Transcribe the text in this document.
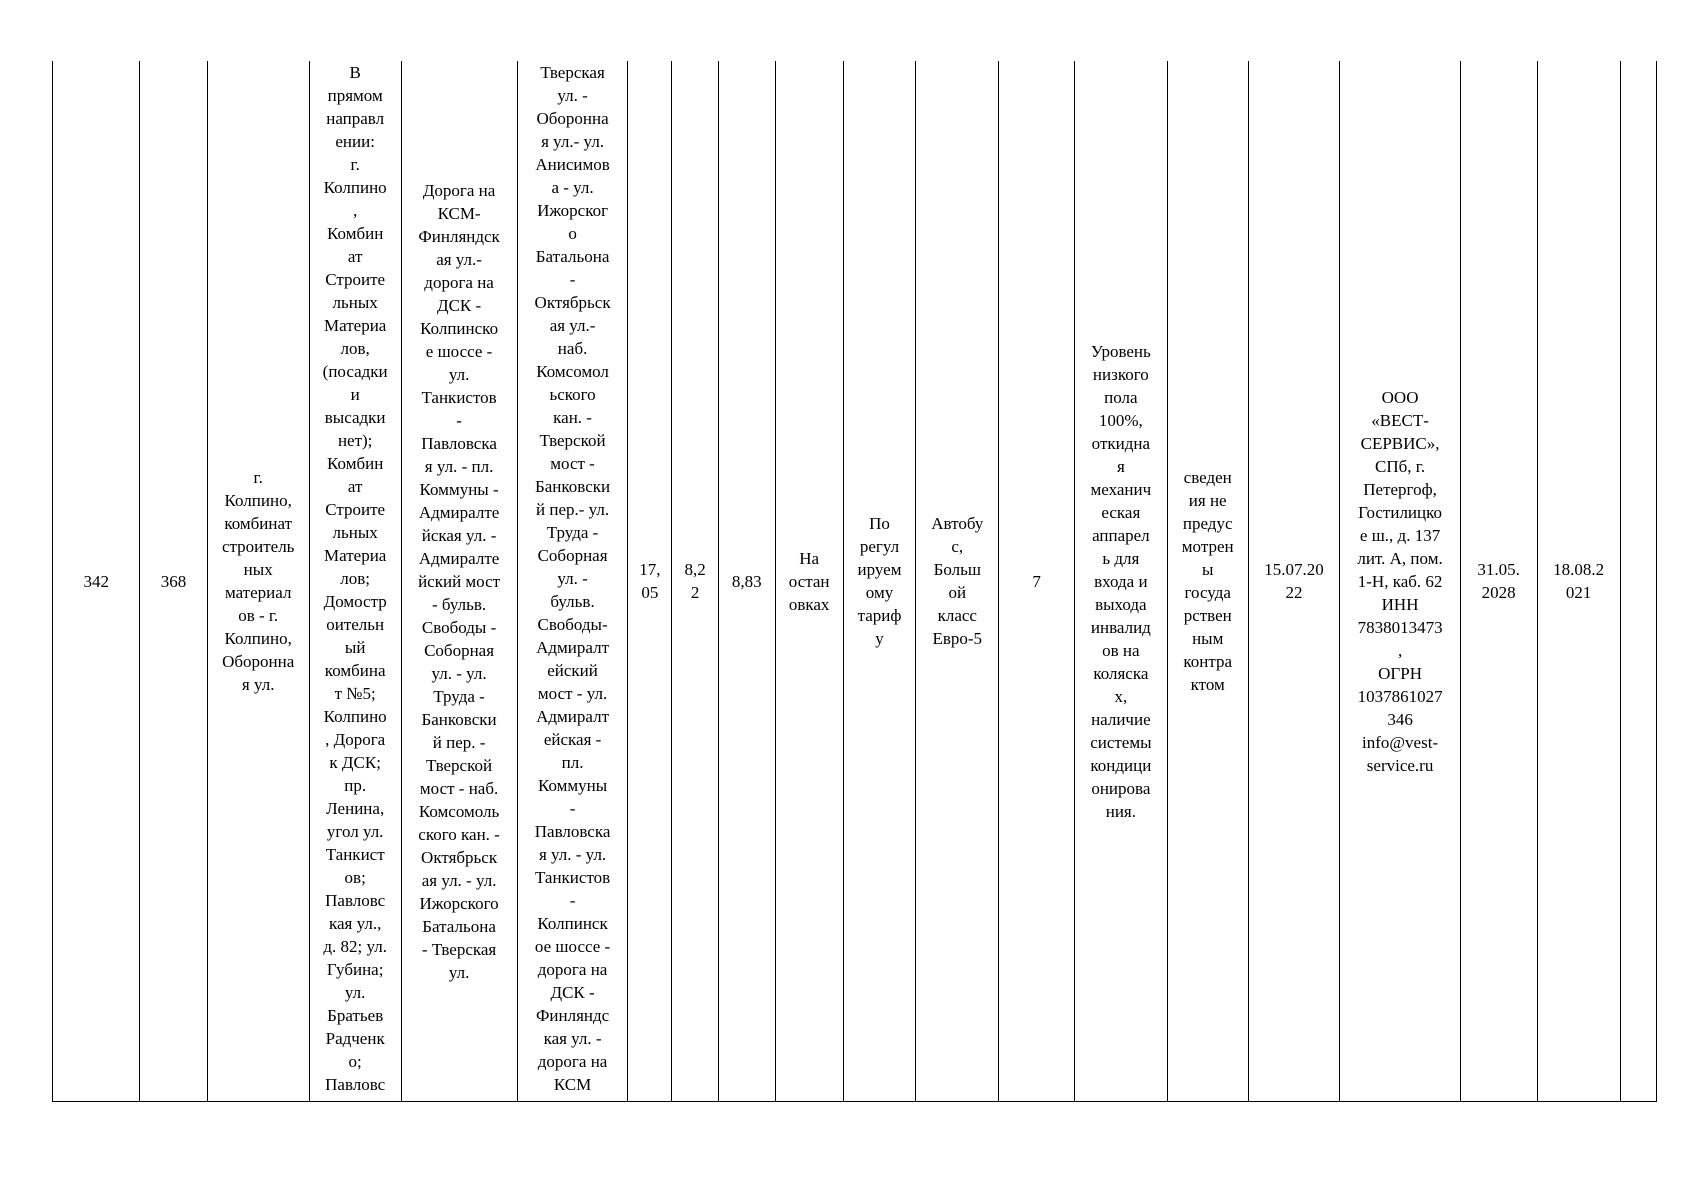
342	368	г.
Колпино,
комбинат
строитель
ных
материал
ов - г.
Колпино,
Оборонна
я ул.	В
прямом
направл
ении:
г.
Колпино
,
Комбин
ат
Строите
льных
Материа
лов,
(посадки
и
высадки
нет);
Комбин
ат
Строите
льных
Материа
лов;
Домостр
оительн
ый
комбина
т №5;
Колпино
, Дорога
к ДСК;
пр.
Ленина,
угол ул.
Танкист
ов;
Павловс
кая ул.,
д. 82; ул.
Губина;
ул.
Братьев
Радченк
о;
Павловс	Дорога на
КСМ-
Финляндск
ая ул.-
дорога на
ДСК -
Колпинско
е шоссе -
ул.
Танкистов
-
Павловска
я ул. - пл.
Коммуны -
Адмиралте
йская ул. -
Адмиралте
йский мост
- бульв.
Свободы -
Соборная
ул. - ул.
Труда -
Банковски
й пер. -
Тверской
мост - наб.
Комсомоль
ского кан. -
Октябрьск
ая ул. - ул.
Ижорского
Батальона
- Тверская
ул.	Тверская
ул. -
Оборонна
я ул.- ул.
Анисимов
а - ул.
Ижорског
о
Батальона
-
Октябрьск
ая ул.-
наб.
Комсомол
ьского
кан. -
Тверской
мост -
Банковски
й пер.- ул.
Труда -
Соборная
ул. -
бульв.
Свободы-
Адмиралт
ейский
мост - ул.
Адмиралт
ейская -
пл.
Коммуны
-
Павловска
я ул. - ул.
Танкистов
-
Колпинск
ое шоссе -
дорога на
ДСК -
Финляндс
кая ул. -
дорога на
КСМ	17,
05	8,2
2	8,83	На
остан
овках	По
регул
ируем
ому
тариф
у	Автобу
с,
Больш
ой
класс
Евро-5	7	Уровень
низкого
пола
100%,
откидна
я
механич
еская
аппарел
ь для
входа и
выхода
инвалид
ов на
коляска
х,
наличие
системы
кондици
онирова
ния.	сведен
ия не
предус
мотрен
ы
госуда
рствен
ным
контра
ктом	15.07.20
22	ООО
«ВЕСТ-
СЕРВИС»,
СПб, г.
Петергоф,
Гостилицко
е ш., д. 137
лит. А, пом.
1-Н, каб. 62
ИНН
7838013473
,
ОГРН
1037861027
346
info@vest-
service.ru	31.05.
2028	18.08.2
021	
